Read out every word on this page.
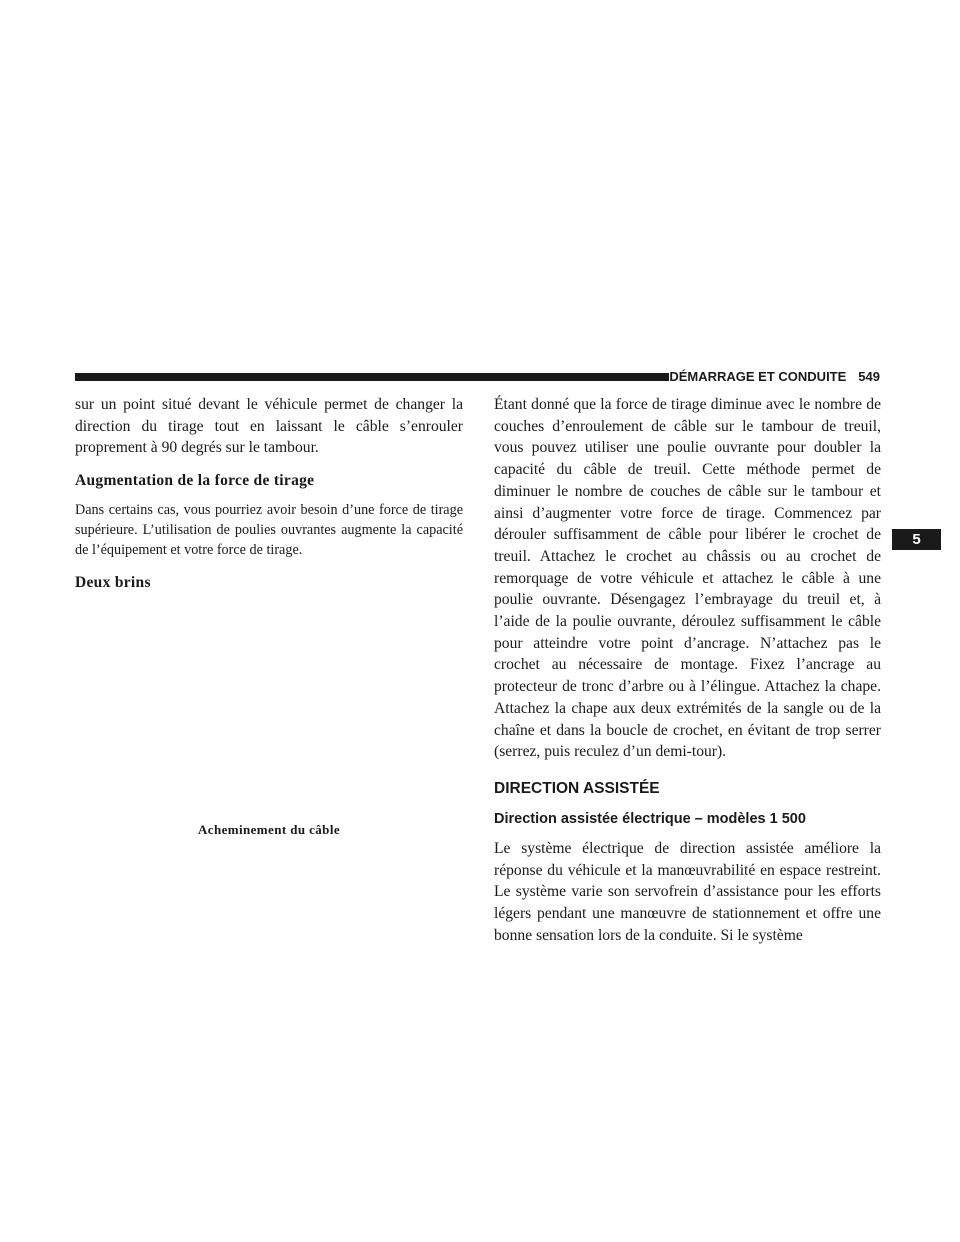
DÉMARRAGE ET CONDUITE 549
5

sur un point situé devant le véhicule permet de changer la direction du tirage tout en laissant le câble s’enrouler proprement à 90 degrés sur le tambour.

Augmentation de la force de tirage

Dans certains cas, vous pourriez avoir besoin d’une force de tirage supérieure. L’utilisation de poulies ouvrantes augmente la capacité de l’équipement et votre force de tirage.

Deux brins
Acheminement du câble

Étant donné que la force de tirage diminue avec le nombre de couches d’enroulement de câble sur le tambour de treuil, vous pouvez utiliser une poulie ouvrante pour doubler la capacité du câble de treuil. Cette méthode permet de diminuer le nombre de couches de câble sur le tambour et ainsi d’augmenter votre force de tirage. Commencez par dérouler suffisamment de câble pour libérer le crochet de treuil. Attachez le crochet au châssis ou au crochet de remorquage de votre véhicule et attachez le câble à une poulie ouvrante. Désengagez l’embrayage du treuil et, à l’aide de la poulie ouvrante, déroulez suffisamment le câble pour atteindre votre point d’ancrage. N’attachez pas le crochet au nécessaire de montage. Fixez l’ancrage au protecteur de tronc d’arbre ou à l’élingue. Attachez la chape. Attachez la chape aux deux extrémités de la sangle ou de la chaîne et dans la boucle de crochet, en évitant de trop serrer (serrez, puis reculez d’un demi-tour).

DIRECTION ASSISTÉE
Direction assistée électrique – modèles 1 500

Le système électrique de direction assistée améliore la réponse du véhicule et la manœuvrabilité en espace restreint. Le système varie son servofrein d’assistance pour les efforts légers pendant une manœuvre de stationnement et offre une bonne sensation lors de la conduite. Si le système
